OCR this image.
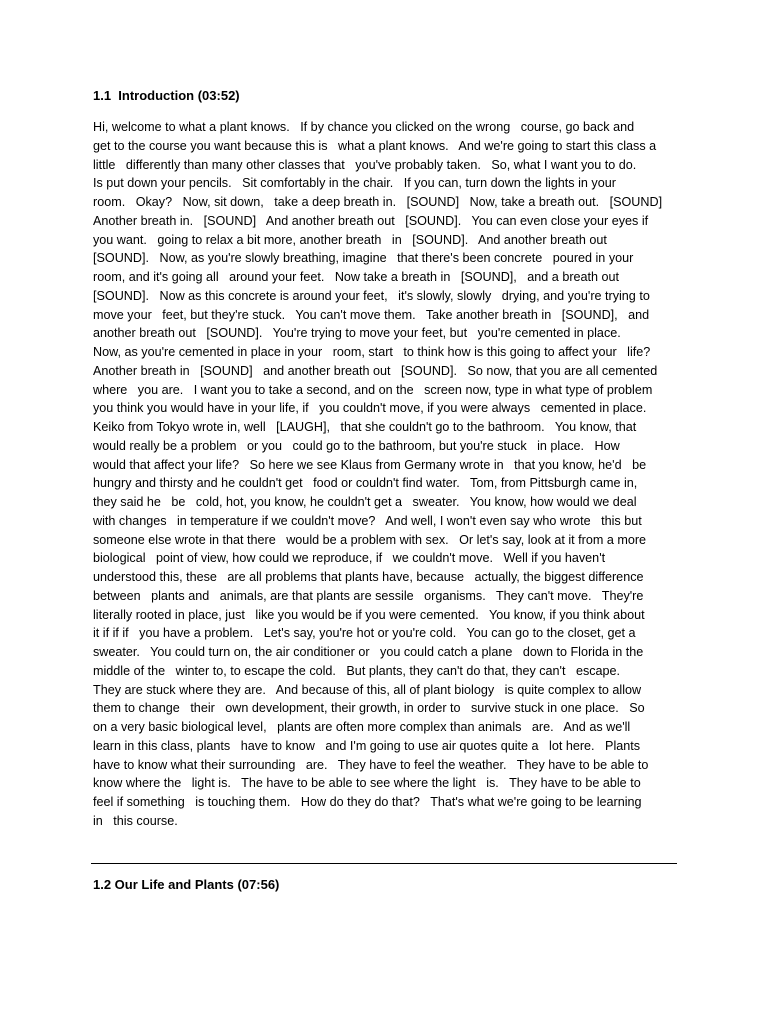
1.1  Introduction (03:52)
Hi, welcome to what a plant knows.   If by chance you clicked on the wrong   course, go back and
get to the course you want because this is   what a plant knows.   And we're going to start this class a
little   differently than many other classes that   you've probably taken.   So, what I want you to do.
Is put down your pencils.   Sit comfortably in the chair.   If you can, turn down the lights in your
room.   Okay?   Now, sit down,   take a deep breath in.   [SOUND]   Now, take a breath out.   [SOUND]
Another breath in.   [SOUND]   And another breath out   [SOUND].   You can even close your eyes if
you want.   going to relax a bit more, another breath   in   [SOUND].   And another breath out
[SOUND].   Now, as you're slowly breathing, imagine   that there's been concrete   poured in your
room, and it's going all   around your feet.   Now take a breath in   [SOUND],   and a breath out
[SOUND].   Now as this concrete is around your feet,   it's slowly, slowly   drying, and you're trying to
move your   feet, but they're stuck.   You can't move them.   Take another breath in   [SOUND],   and
another breath out   [SOUND].   You're trying to move your feet, but   you're cemented in place.
Now, as you're cemented in place in your   room, start   to think how is this going to affect your   life?
Another breath in   [SOUND]   and another breath out   [SOUND].   So now, that you are all cemented
where   you are.   I want you to take a second, and on the   screen now, type in what type of problem
you think you would have in your life, if   you couldn't move, if you were always   cemented in place.
Keiko from Tokyo wrote in, well   [LAUGH],   that she couldn't go to the bathroom.   You know, that
would really be a problem   or you   could go to the bathroom, but you're stuck   in place.   How
would that affect your life?   So here we see Klaus from Germany wrote in   that you know, he'd   be
hungry and thirsty and he couldn't get   food or couldn't find water.   Tom, from Pittsburgh came in,
they said he   be   cold, hot, you know, he couldn't get a   sweater.   You know, how would we deal
with changes   in temperature if we couldn't move?   And well, I won't even say who wrote   this but
someone else wrote in that there   would be a problem with sex.   Or let's say, look at it from a more
biological   point of view, how could we reproduce, if   we couldn't move.   Well if you haven't
understood this, these   are all problems that plants have, because   actually, the biggest difference
between   plants and   animals, are that plants are sessile   organisms.   They can't move.   They're
literally rooted in place, just   like you would be if you were cemented.   You know, if you think about
it if if if   you have a problem.   Let's say, you're hot or you're cold.   You can go to the closet, get a
sweater.   You could turn on, the air conditioner or   you could catch a plane   down to Florida in the
middle of the   winter to, to escape the cold.   But plants, they can't do that, they can't   escape.
They are stuck where they are.   And because of this, all of plant biology   is quite complex to allow
them to change   their   own development, their growth, in order to   survive stuck in one place.   So
on a very basic biological level,   plants are often more complex than animals   are.   And as we'll
learn in this class, plants   have to know   and I'm going to use air quotes quite a   lot here.   Plants
have to know what their surrounding   are.   They have to feel the weather.   They have to be able to
know where the   light is.   The have to be able to see where the light   is.   They have to be able to
feel if something   is touching them.   How do they do that?   That's what we're going to be learning
in   this course.
1.2 Our Life and Plants (07:56)
